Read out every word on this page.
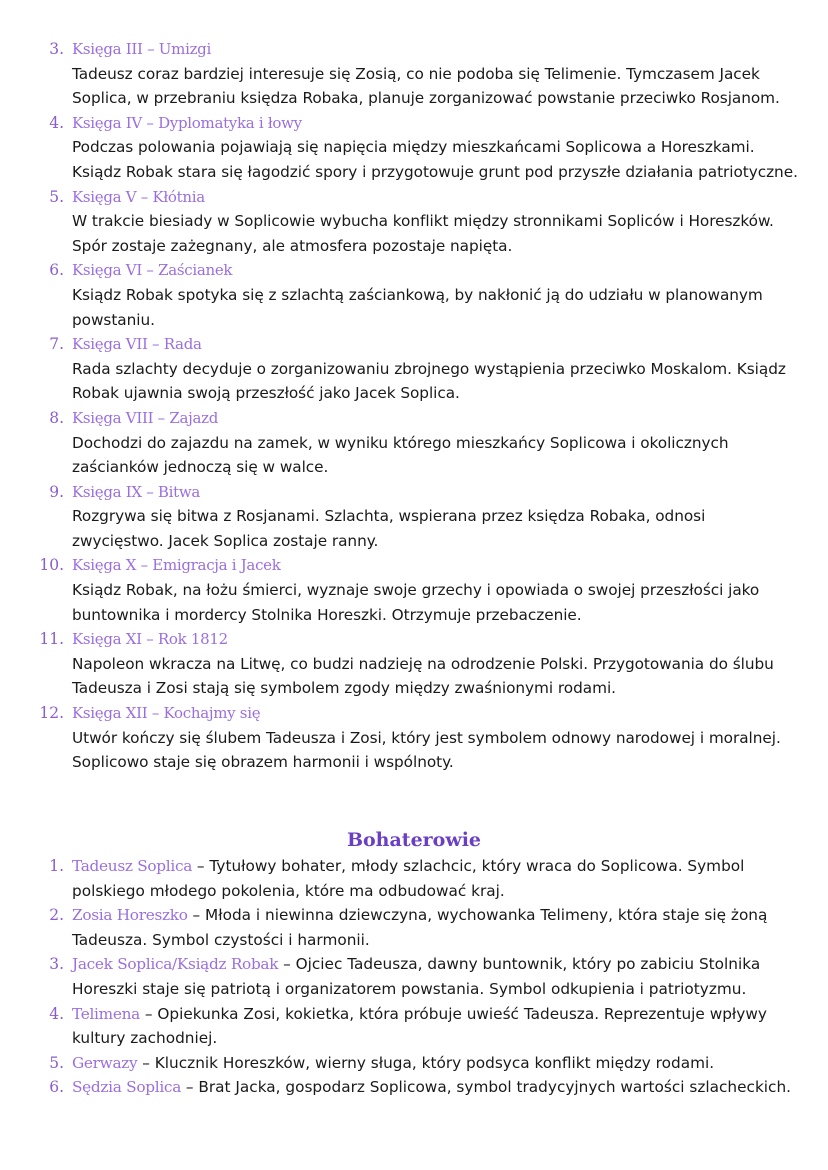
3. Księga III – Umizgi

Tadeusz coraz bardziej interesuje się Zosią, co nie podoba się Telimenie. Tymczasem Jacek Soplica, w przebraniu księdza Robaka, planuje zorganizować powstanie przeciwko Rosjanom.

4. Księga IV – Dyplomatyka i łowy

Podczas polowania pojawiają się napięcia między mieszkańcami Soplicowa a Horeszkami. Ksiądz Robak stara się łagodzić spory i przygotowuje grunt pod przyszłe działania patriotyczne.

5. Księga V – Kłótnia

W trakcie biesiady w Soplicowie wybucha konflikt między stronnikami Sopliców i Horeszków. Spór zostaje zażegnany, ale atmosfera pozostaje napięta.

6. Księga VI – Zaścianek

Ksiądz Robak spotyka się z szlachtą zaściankową, by nakłonić ją do udziału w planowanym powstaniu.

7. Księga VII – Rada

Rada szlachty decyduje o zorganizowaniu zbrojnego wystąpienia przeciwko Moskalom. Ksiądz Robak ujawnia swoją przeszłość jako Jacek Soplica.

8. Księga VIII – Zajazd

Dochodzi do zajazdu na zamek, w wyniku którego mieszkańcy Soplicowa i okolicznych zaścianków jednoczą się w walce.

9. Księga IX – Bitwa

Rozgrywa się bitwa z Rosjanami. Szlachta, wspierana przez księdza Robaka, odnosi zwycięstwo. Jacek Soplica zostaje ranny.

10. Księga X – Emigracja i Jacek

Ksiądz Robak, na łożu śmierci, wyznaje swoje grzechy i opowiada o swojej przeszłości jako buntownika i mordercy Stolnika Horeszki. Otrzymuje przebaczenie.

11. Księga XI – Rok 1812

Napoleon wkracza na Litwę, co budzi nadzieję na odrodzenie Polski. Przygotowania do ślubu Tadeusza i Zosi stają się symbolem zgody między zwaśnionymi rodami.

12. Księga XII – Kochajmy się

Utwór kończy się ślubem Tadeusza i Zosi, który jest symbolem odnowy narodowej i moralnej. Soplicowo staje się obrazem harmonii i wspólnoty.

Bohaterowie
1. Tadeusz Soplica – Tytułowy bohater, młody szlachcic, który wraca do Soplicowa. Symbol polskiego młodego pokolenia, które ma odbudować kraj.

2. Zosia Horeszko – Młoda i niewinna dziewczyna, wychowanka Telimeny, która staje się żoną Tadeusza. Symbol czystości i harmonii.

3. Jacek Soplica/Ksiądz Robak – Ojciec Tadeusza, dawny buntownik, który po zabiciu Stolnika Horeszki staje się patriotą i organizatorem powstania. Symbol odkupienia i patriotyzmu.

4. Telimena – Opiekunka Zosi, kokietka, która próbuje uwieść Tadeusza. Reprezentuje wpływy kultury zachodniej.

5. Gerwazy – Klucznik Horeszków, wierny sługa, który podsyca konflikt między rodami.

6. Sędzia Soplica – Brat Jacka, gospodarz Soplicowa, symbol tradycyjnych wartości szlacheckich.
